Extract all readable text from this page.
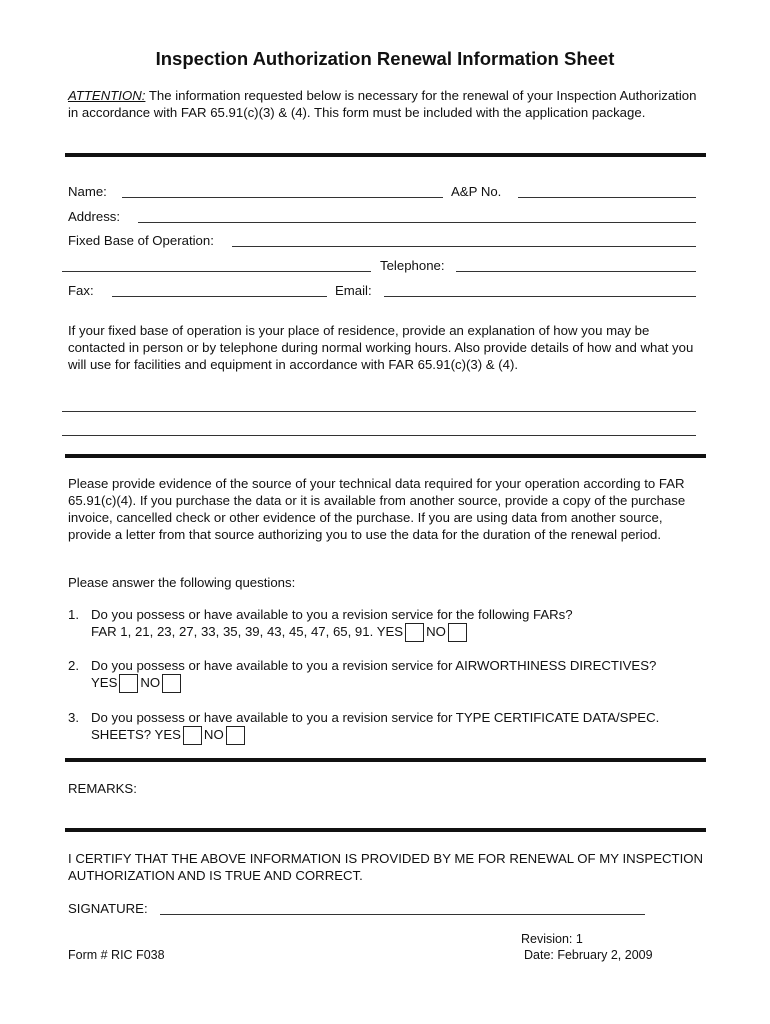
Inspection Authorization Renewal Information Sheet
ATTENTION: The information requested below is necessary for the renewal of your Inspection Authorization in accordance with FAR 65.91(c)(3) & (4). This form must be included with the application package.
Name:	A&P No.
Address:
Fixed Base of Operation:
Telephone:
Fax:	Email:
If your fixed base of operation is your place of residence, provide an explanation of how you may be contacted in person or by telephone during normal working hours. Also provide details of how and what you will use for facilities and equipment in accordance with FAR 65.91(c)(3) & (4).
Please provide evidence of the source of your technical data required for your operation according to FAR 65.91(c)(4). If you purchase the data or it is available from another source, provide a copy of the purchase invoice, cancelled check or other evidence of the purchase. If you are using data from another source, provide a letter from that source authorizing you to use the data for the duration of the renewal period.
Please answer the following questions:
1. Do you possess or have available to you a revision service for the following FARs?
FAR 1, 21, 23, 27, 33, 35, 39, 43, 45, 47, 65, 91. YES NO
2. Do you possess or have available to you a revision service for AIRWORTHINESS DIRECTIVES?
YES NO
3. Do you possess or have available to you a revision service for TYPE CERTIFICATE DATA/SPEC.
SHEETS? YES NO
REMARKS:
I CERTIFY THAT THE ABOVE INFORMATION IS PROVIDED BY ME FOR RENEWAL OF MY INSPECTION AUTHORIZATION AND IS TRUE AND CORRECT.
SIGNATURE:
Revision: 1
Form # RIC F038	Date: February 2, 2009
